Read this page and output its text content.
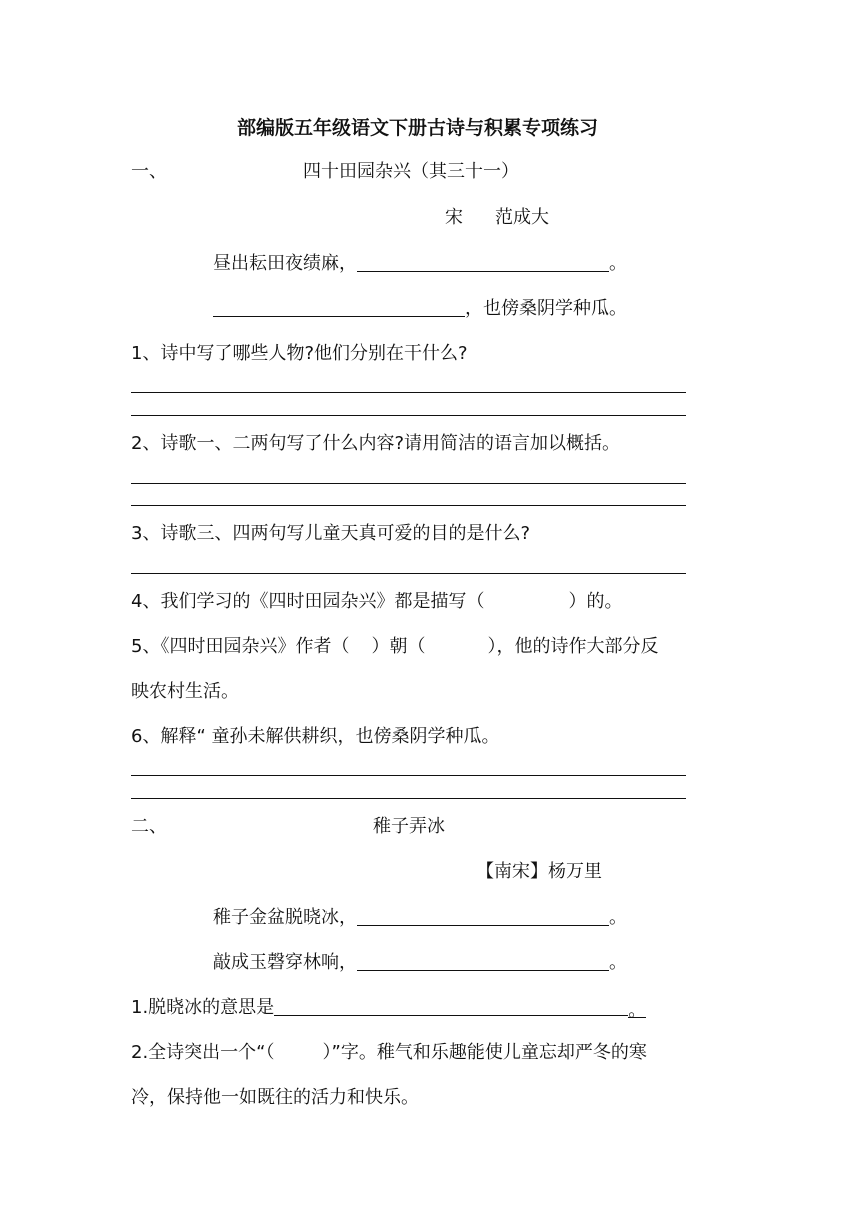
部编版五年级语文下册古诗与积累专项练习
一、	四十田园杂兴（其三十一）
宋 范成大
昼出耘田夜绩麻，	。
，也傍桑阴学种瓜。
1、诗中写了哪些人物?他们分别在干什么?
2、诗歌一、二两句写了什么内容?请用简洁的语言加以概括。
3、诗歌三、四两句写儿童天真可爱的目的是什么?
4、我们学习的《四时田园杂兴》都是描写（	）的。
5、《四时田园杂兴》作者（ ）朝（	），他的诗作大部分反
映农村生活。
6、解释“ 童孙未解供耕织，也傍桑阴学种瓜。
二、	稚子弄冰
【南宋】杨万里
稚子金盆脱晓冰，	。
敲成玉磬穿林响，	。
1.脱晓冰的意思是	。
2.全诗突出一个“（	）”字。稚气和乐趣能使儿童忘却严冬的寒
冷，保持他一如既往的活力和快乐。
